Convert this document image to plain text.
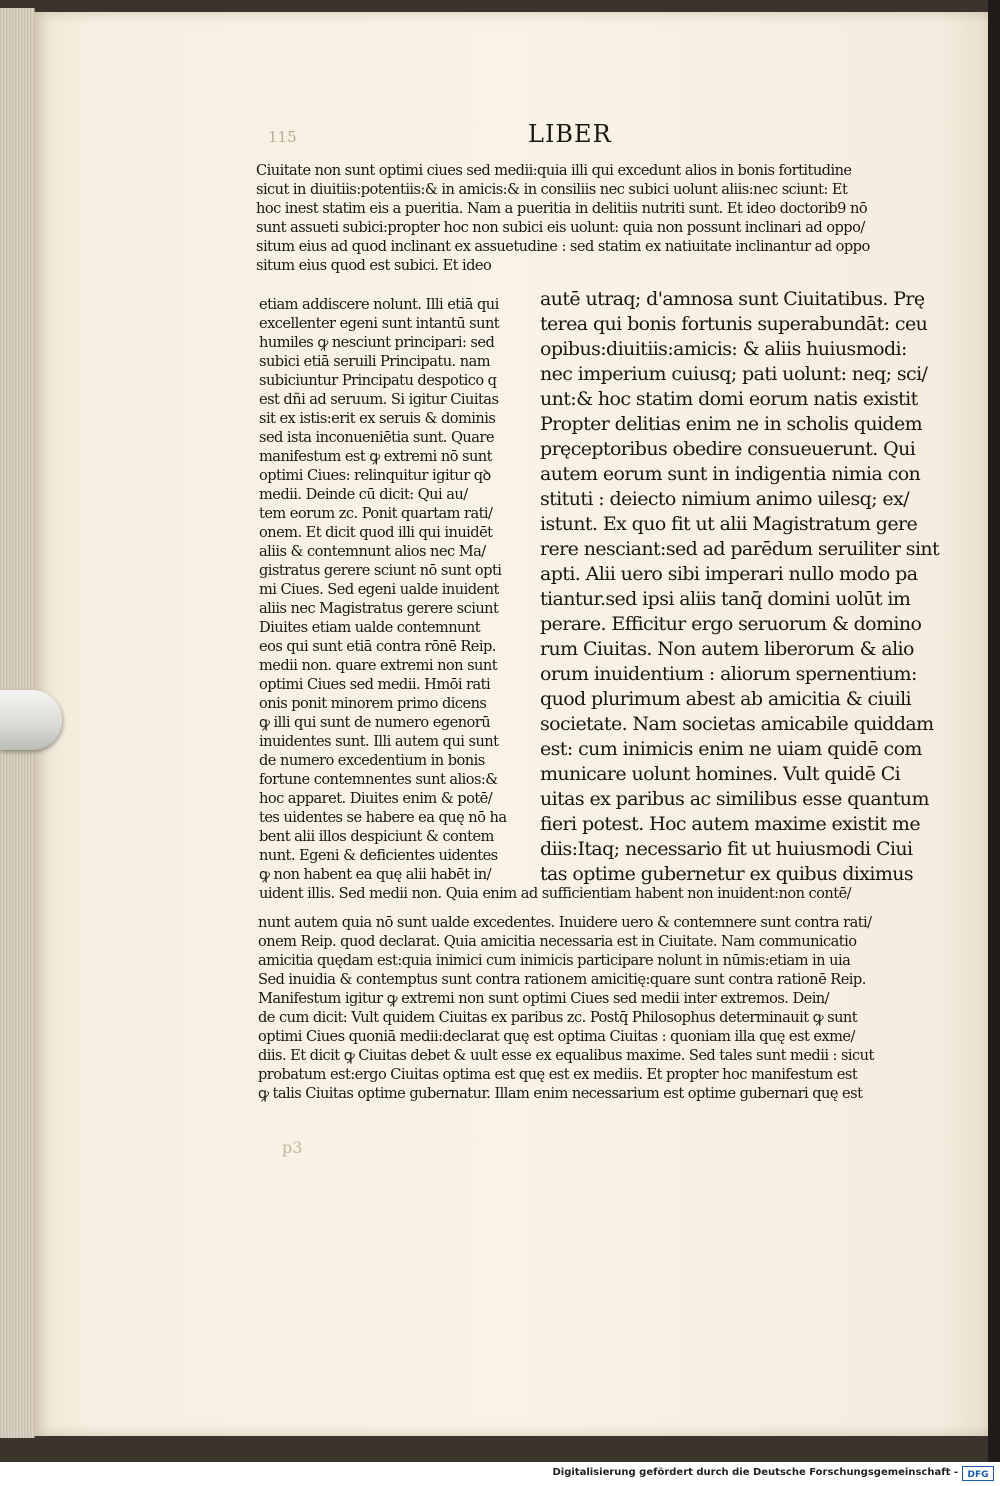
115	LIBER

Ciuitate non sunt optimi ciues sed medii:quia illi qui excedunt alios in bonis fortitudine

sicut in diuitiis:potentiis:& in amicis:& in consiliis nec subici uolunt aliis:nec sciunt: Et

hoc inest statim eis a pueritia. Nam a pueritia in delitiis nutriti sunt. Et ideo doctorib9 nō

sunt assueti subici:propter hoc non subici eis uolunt: quia non possunt inclinari ad oppo/

situm eius ad quod inclinant ex assuetudine : sed statim ex natiuitate inclinantur ad oppo

situm eius quod est subici. Et ideo

etiam addiscere nolunt. Illi etiā qui

excellenter egeni sunt intantū sunt

humiles ꝙ nesciunt principari: sed

subici etiā seruili Principatu. nam

subiciuntur Principatu despotico q

est dñi ad seruum. Si igitur Ciuitas

sit ex istis:erit ex seruis & dominis

sed ista inconueniētia sunt. Quare

manifestum est ꝙ extremi nō sunt

optimi Ciues: relinquitur igitur qꝺ

medii. Deinde cū dicit: Qui au/

tem eorum zc. Ponit quartam rati/

onem. Et dicit quod illi qui inuidēt

aliis & contemnunt alios nec Ma/

gistratus gerere sciunt nō sunt opti

mi Ciues. Sed egeni ualde inuident

aliis nec Magistratus gerere sciunt

Diuites etiam ualde contemnunt

eos qui sunt etiā contra rōnē Reip.

medii non. quare extremi non sunt

optimi Ciues sed medii. Hmōi rati

onis ponit minorem primo dicens

ꝙ illi qui sunt de numero egenorū

inuidentes sunt. Illi autem qui sunt

de numero excedentium in bonis

fortune contemnentes sunt alios:&

hoc apparet. Diuites enim & potē/

tes uidentes se habere ea quę nō ha

bent alii illos despiciunt & contem

nunt. Egeni & deficientes uidentes

ꝙ non habent ea quę alii habēt in/

uident illis. Sed medii non. Quia enim ad sufficientiam habent non inuident:non contē/

autē utraq; d'amnosa sunt Ciuitatibus. Prę

terea qui bonis fortunis superabundāt: ceu

opibus:diuitiis:amicis: & aliis huiusmodi:

nec imperium cuiusq; pati uolunt: neq; sci/

unt:& hoc statim domi eorum natis existit

Propter delitias enim ne in scholis quidem

pręceptoribus obedire consueuerunt. Qui

autem eorum sunt in indigentia nimia con

stituti : deiecto nimium animo uilesq; ex/

istunt. Ex quo fit ut alii Magistratum gere

rere nesciant:sed ad parēdum seruiliter sint

apti. Alii uero sibi imperari nullo modo pa

tiantur.sed ipsi aliis tanq̄ domini uolūt im

perare. Efficitur ergo seruorum & domino

rum Ciuitas. Non autem liberorum & alio

orum inuidentium : aliorum spernentium:

quod plurimum abest ab amicitia & ciuili

societate. Nam societas amicabile quiddam

est: cum inimicis enim ne uiam quidē com

municare uolunt homines. Vult quidē Ci

uitas ex paribus ac similibus esse quantum

fieri potest. Hoc autem maxime existit me

diis:Itaq; necessario fit ut huiusmodi Ciui

tas optime gubernetur ex quibus diximus

nunt autem quia nō sunt ualde excedentes. Inuidere uero & contemnere sunt contra rati/

onem Reip. quod declarat. Quia amicitia necessaria est in Ciuitate. Nam communicatio

amicitia quędam est:quia inimici cum inimicis participare nolunt in nūmis:etiam in uia

Sed inuidia & contemptus sunt contra rationem amicitię:quare sunt contra rationē Reip.

Manifestum igitur ꝙ extremi non sunt optimi Ciues sed medii inter extremos. Dein/

de cum dicit: Vult quidem Ciuitas ex paribus zc. Postq̄ Philosophus determinauit ꝙ sunt

optimi Ciues quoniā medii:declarat quę est optima Ciuitas : quoniam illa quę est exme/

diis. Et dicit ꝙ Ciuitas debet & uult esse ex equalibus maxime. Sed tales sunt medii : sicut

probatum est:ergo Ciuitas optima est quę est ex mediis. Et propter hoc manifestum est

ꝙ talis Ciuitas optime gubernatur. Illam enim necessarium est optime gubernari quę est

p3

Digitalisierung gefördert durch die Deutsche Forschungsgemeinschaft - DFG
